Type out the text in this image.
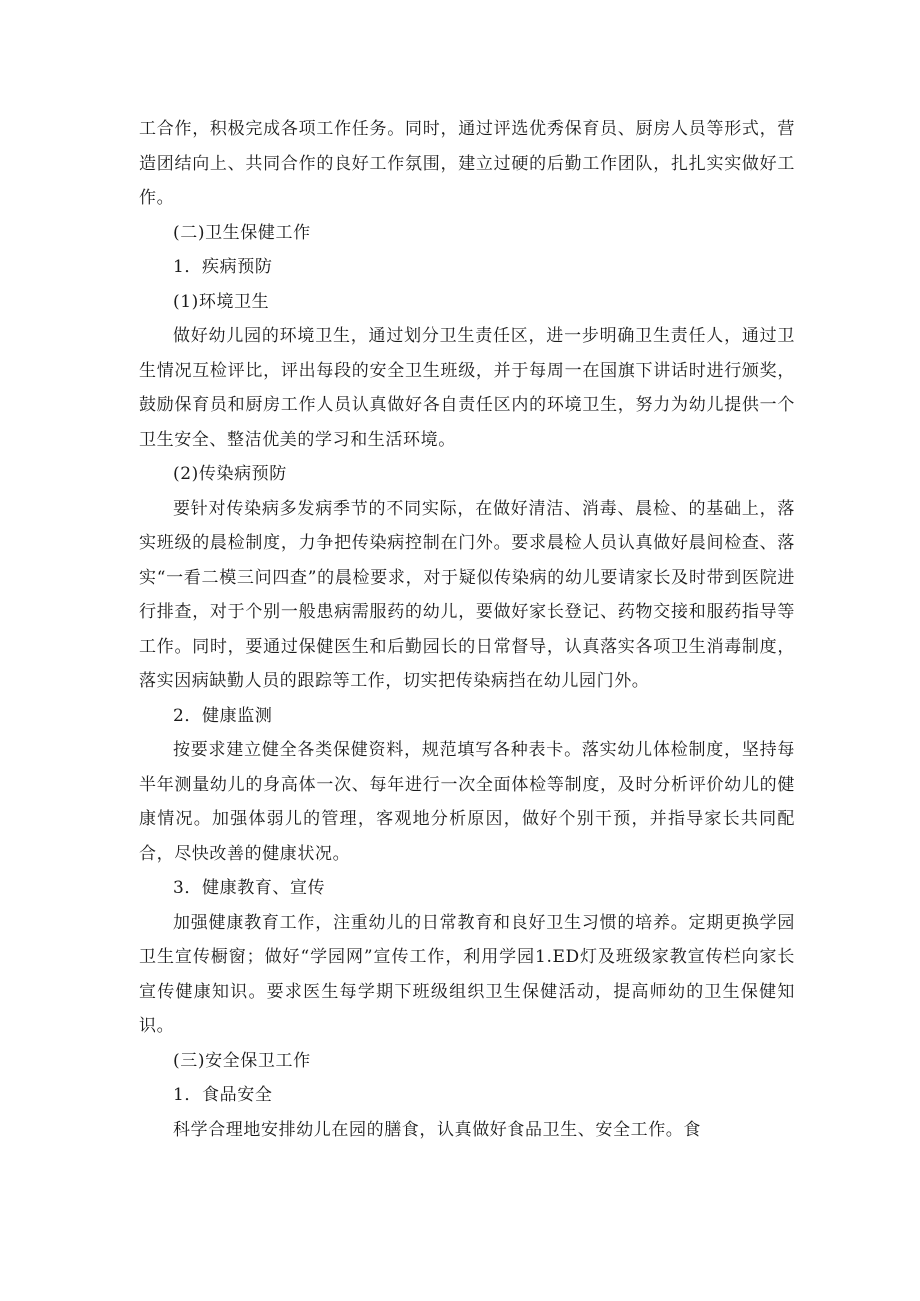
工合作，积极完成各项工作任务。同时，通过评选优秀保育员、厨房人员等形式，营造团结向上、共同合作的良好工作氛围，建立过硬的后勤工作团队，扎扎实实做好工作。

(二)卫生保健工作

1．疾病预防

(1)环境卫生

做好幼儿园的环境卫生，通过划分卫生责任区，进一步明确卫生责任人，通过卫生情况互检评比，评出每段的安全卫生班级，并于每周一在国旗下讲话时进行颁奖，鼓励保育员和厨房工作人员认真做好各自责任区内的环境卫生，努力为幼儿提供一个卫生安全、整洁优美的学习和生活环境。

(2)传染病预防

要针对传染病多发病季节的不同实际，在做好清洁、消毒、晨检、的基础上，落实班级的晨检制度，力争把传染病控制在门外。要求晨检人员认真做好晨间检查、落实“一看二模三问四查”的晨检要求，对于疑似传染病的幼儿要请家长及时带到医院进行排查，对于个别一般患病需服药的幼儿，要做好家长登记、药物交接和服药指导等工作。同时，要通过保健医生和后勤园长的日常督导，认真落实各项卫生消毒制度，落实因病缺勤人员的跟踪等工作，切实把传染病挡在幼儿园门外。

2．健康监测

按要求建立健全各类保健资料，规范填写各种表卡。落实幼儿体检制度，坚持每半年测量幼儿的身高体一次、每年进行一次全面体检等制度，及时分析评价幼儿的健康情况。加强体弱儿的管理，客观地分析原因，做好个别干预，并指导家长共同配合，尽快改善的健康状况。

3．健康教育、宣传

加强健康教育工作，注重幼儿的日常教育和良好卫生习惯的培养。定期更换学园卫生宣传橱窗；做好“学园网”宣传工作，利用学园1.ED灯及班级家教宣传栏向家长宣传健康知识。要求医生每学期下班级组织卫生保健活动，提高师幼的卫生保健知识。

(三)安全保卫工作

1．食品安全

科学合理地安排幼儿在园的膳食，认真做好食品卫生、安全工作。食
